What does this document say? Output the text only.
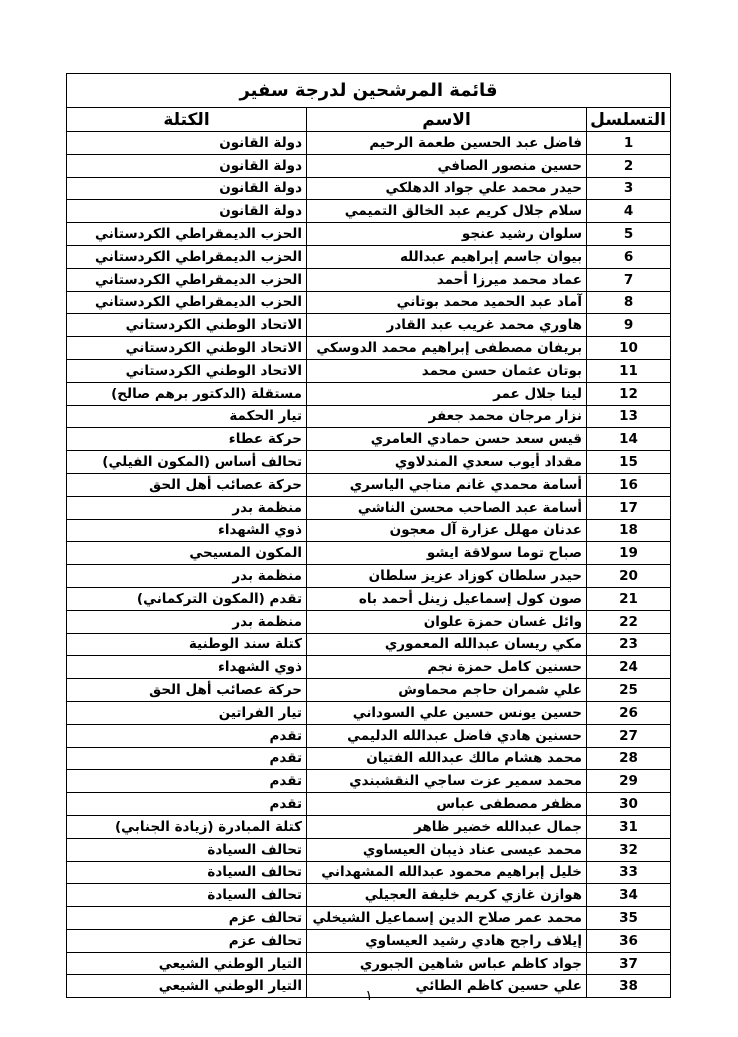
قائمة المرشحين لدرجة سفير		
التسلسل	الاسم	الكتلة
1	فاضل عبد الحسين طعمة الرحيم	دولة القانون
2	حسين منصور الصافي	دولة القانون
3	حيدر محمد علي جواد الدهلكي	دولة القانون
4	سلام جلال كريم عبد الخالق التميمي	دولة القانون
5	سلوان رشيد عنجو	الحزب الديمقراطي الكردستاني
6	بيوان جاسم إبراهيم عبدالله	الحزب الديمقراطي الكردستاني
7	عماد محمد ميرزا أحمد	الحزب الديمقراطي الكردستاني
8	آماد عبد الحميد محمد بوتاني	الحزب الديمقراطي الكردستاني
9	هاوري محمد غريب عبد القادر	الاتحاد الوطني الكردستاني
10	بريفان مصطفى إبراهيم محمد الدوسكي	الاتحاد الوطني الكردستاني
11	بوتان عثمان حسن محمد	الاتحاد الوطني الكردستاني
12	لينا جلال عمر	مستقلة (الدكتور برهم صالح)
13	نزار مرجان محمد جعفر	تيار الحكمة
14	قيس سعد حسن حمادي العامري	حركة عطاء
15	مقداد أيوب سعدي المندلاوي	تحالف أساس (المكون الفيلي)
16	أسامة محمدي غانم مناجي الياسري	حركة عصائب أهل الحق
17	أسامة عبد الصاحب محسن الناشي	منظمة بدر
18	عدنان مهلل عزارة آل معجون	ذوي الشهداء
19	صباح توما سولاقة ايشو	المكون المسيحي
20	حيدر سلطان كوزاد عزيز سلطان	منظمة بدر
21	صون كول إسماعيل زينل أحمد باه	تقدم (المكون التركماني)
22	وائل غسان حمزة علوان	منظمة بدر
23	مكي ريسان عبدالله المعموري	كتلة سند الوطنية
24	حسنين كامل حمزة نجم	ذوي الشهداء
25	علي شمران حاجم محماوش	حركة عصائب أهل الحق
26	حسين يونس حسين علي السوداني	تيار الفراتين
27	حسنين هادي فاضل عبدالله الدليمي	تقدم
28	محمد هشام مالك عبدالله الفتيان	تقدم
29	محمد سمير عزت ساجي النقشبندي	تقدم
30	مظفر مصطفى عباس	تقدم
31	جمال عبدالله خضير ظاهر	كتلة المبادرة (زيادة الجنابي)
32	محمد عيسى عناد ذيبان العيساوي	تحالف السيادة
33	خليل إبراهيم محمود عبدالله المشهداني	تحالف السيادة
34	هوازن غازي كريم خليفة العجيلي	تحالف السيادة
35	محمد عمر صلاح الدين إسماعيل الشيخلي	تحالف عزم
36	إيلاف راجح هادي رشيد العيساوي	تحالف عزم
37	جواد كاظم عباس شاهين الجبوري	التيار الوطني الشيعي
38	علي حسين كاظم الطائي	التيار الوطني الشيعي
١
